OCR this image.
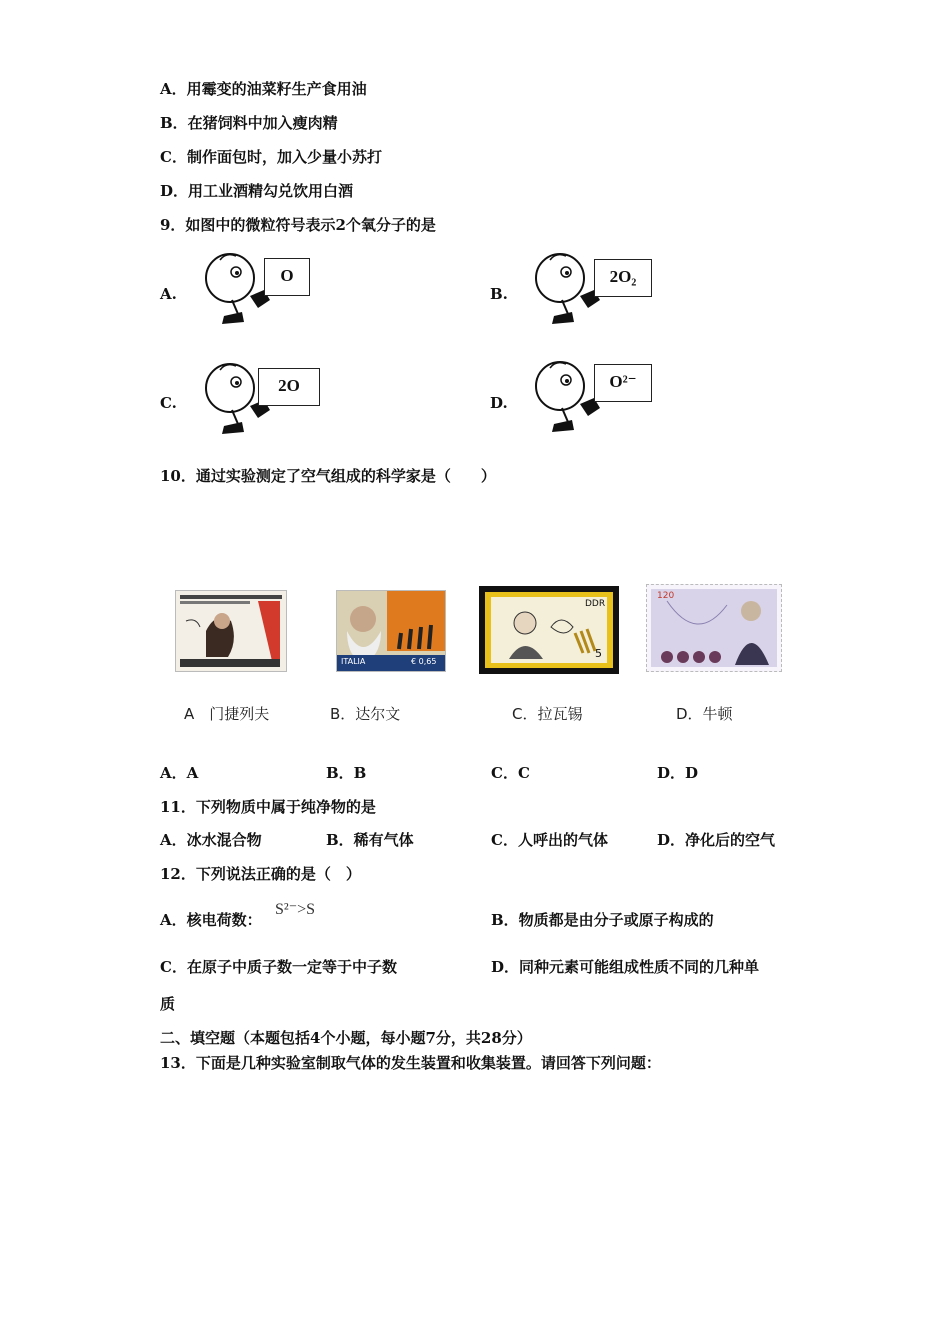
A．用霉变的油菜籽生产食用油
B．在猪饲料中加入瘦肉精
C．制作面包时，加入少量小苏打
D．用工业酒精勾兑饮用白酒
9．如图中的微粒符号表示2个氧分子的是
A.
O
B.
2O₂
C.
2O
D.
O²⁻
10．通过实验测定了空气组成的科学家是（　　）
ITALIA	€ 0,65
DDR
5
120
A　门捷列夫	B．达尔文	C．拉瓦锡	D．牛顿
A．A	B．B	C．C	D．D
11．下列物质中属于纯净物的是
A．冰水混合物	B．稀有气体	C．人呼出的气体	D．净化后的空气
12．下列说法正确的是（　）
A．核电荷数：
S²⁻>S
B．物质都是由分子或原子构成的
C．在原子中质子数一定等于中子数	D．同种元素可能组成性质不同的几种单
质
二、填空题（本题包括4个小题，每小题7分，共28分）
13．下面是几种实验室制取气体的发生装置和收集装置。请回答下列问题：
